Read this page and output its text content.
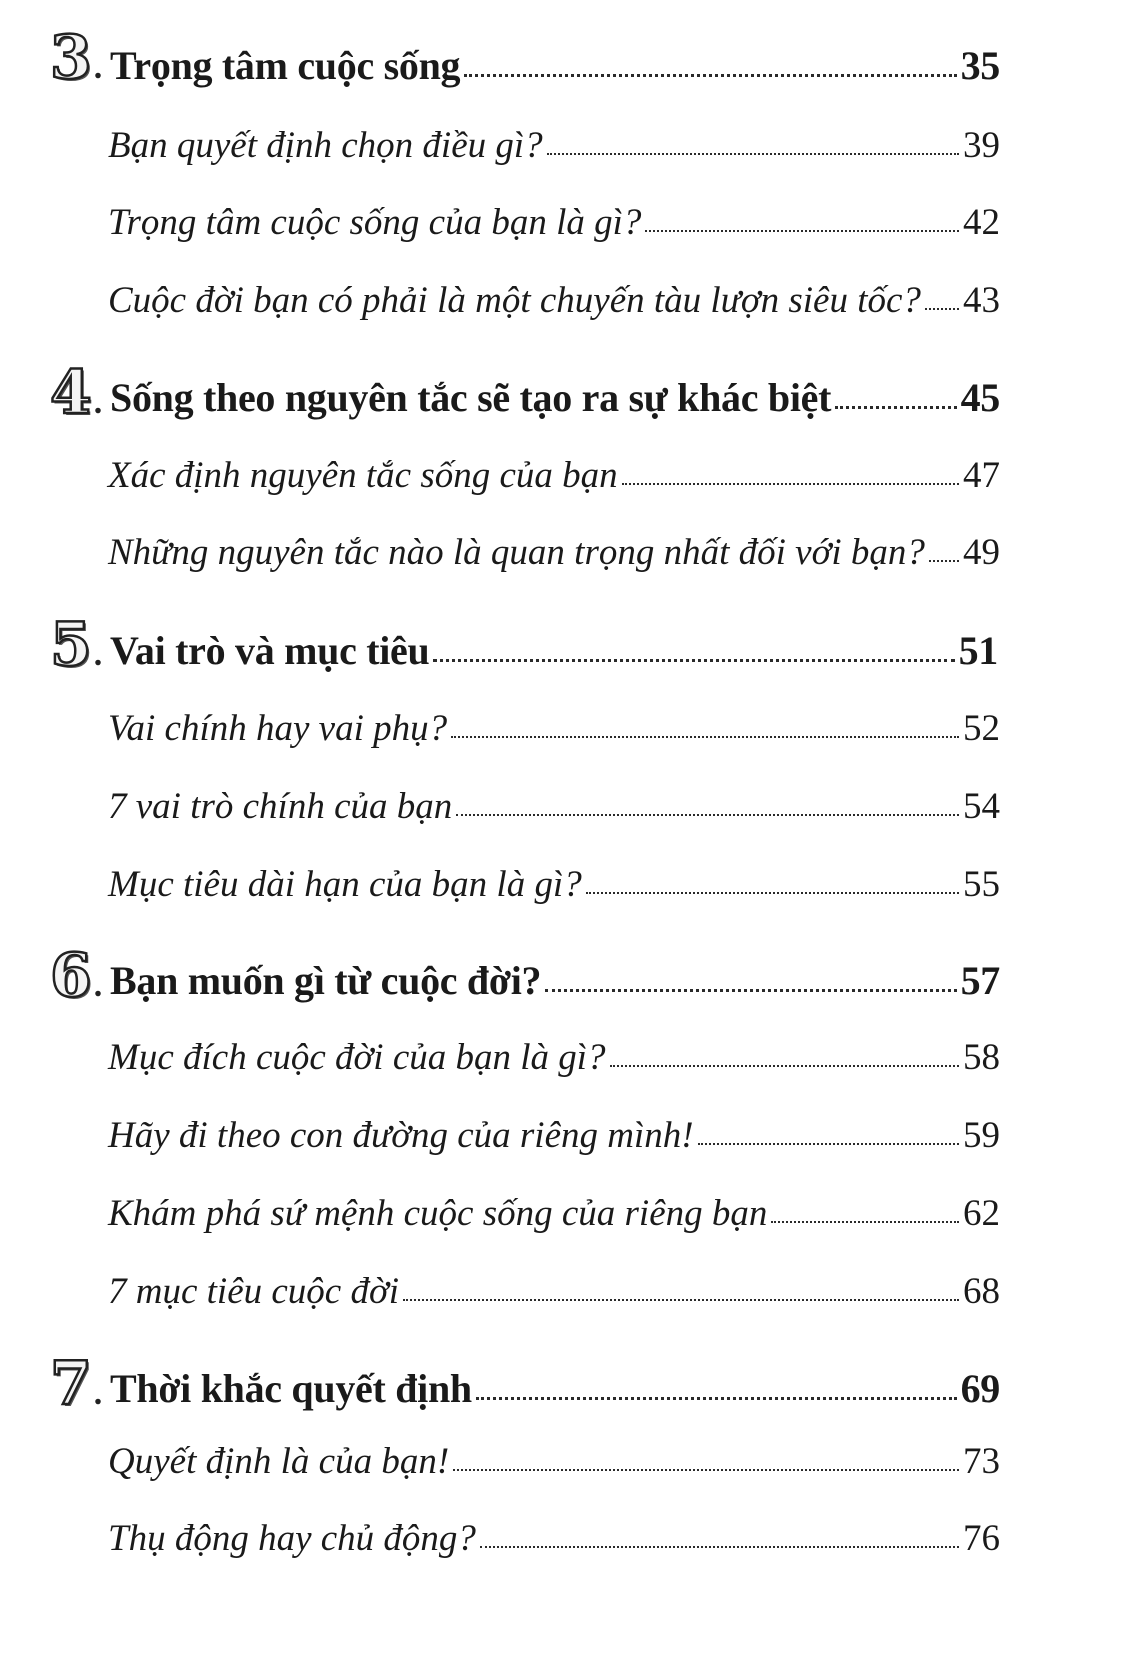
3. Trọng tâm cuộc sống	35
Bạn quyết định chọn điều gì?	39
Trọng tâm cuộc sống của bạn là gì?	42
Cuộc đời bạn có phải là một chuyến tàu lượn siêu tốc? 43
4. Sống theo nguyên tắc sẽ tạo ra sự khác biệt	45
Xác định nguyên tắc sống của bạn	47
Những nguyên tắc nào là quan trọng nhất đối với bạn? 49
5. Vai trò và mục tiêu	51
Vai chính hay vai phụ?	52
7 vai trò chính của bạn	54
Mục tiêu dài hạn của bạn là gì?	55
6. Bạn muốn gì từ cuộc đời?	57
Mục đích cuộc đời của bạn là gì?	58
Hãy đi theo con đường của riêng mình!	59
Khám phá sứ mệnh cuộc sống của riêng bạn	62
7 mục tiêu cuộc đời	68
7. Thời khắc quyết định	69
Quyết định là của bạn!	73
Thụ động hay chủ động?	76
